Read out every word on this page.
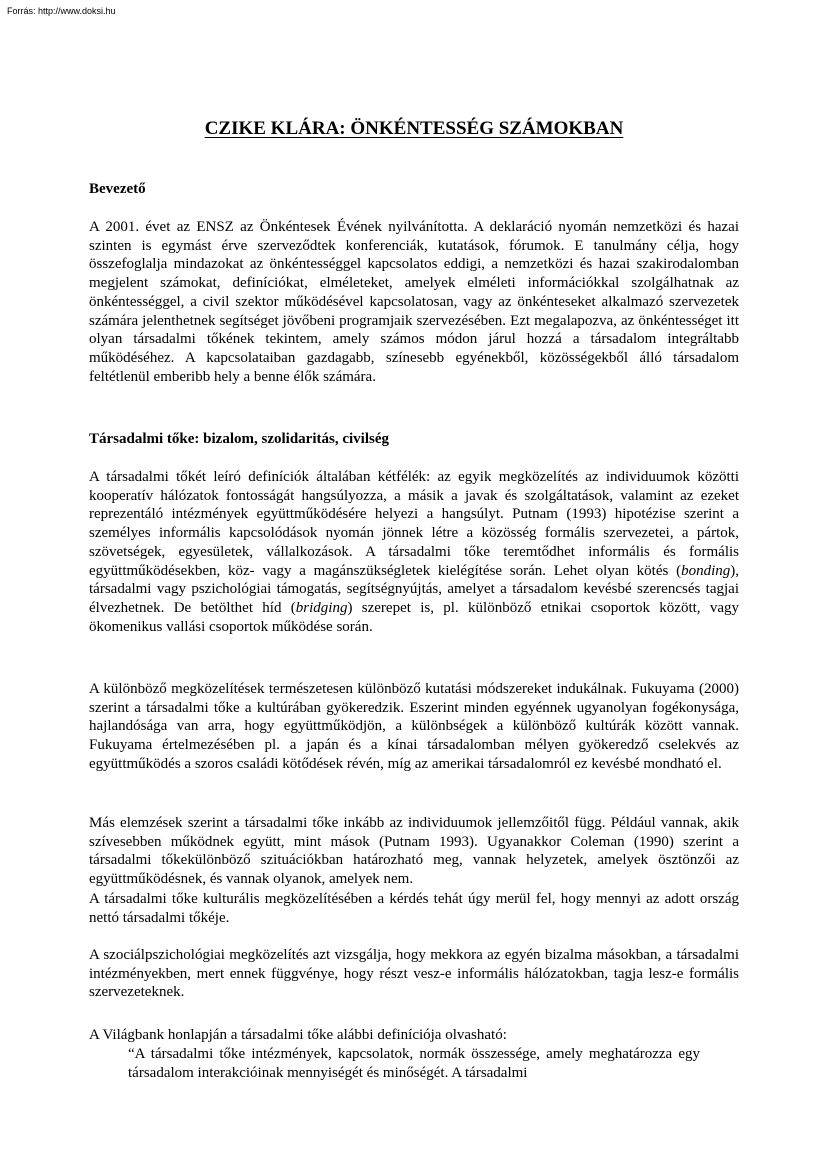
Forrás: http://www.doksi.hu
CZIKE KLÁRA: ÖNKÉNTESSÉG SZÁMOKBAN
Bevezető
A 2001. évet az ENSZ az Önkéntesek Évének nyilvánította. A deklaráció nyomán nemzetközi és hazai szinten is egymást érve szerveződtek konferenciák, kutatások, fórumok. E tanulmány célja, hogy összefoglalja mindazokat az önkéntességgel kapcsolatos eddigi, a nemzetközi és hazai szakirodalomban megjelent számokat, definíciókat, elméleteket, amelyek elméleti információkkal szolgálhatnak az önkéntességgel, a civil szektor működésével kapcsolatosan, vagy az önkénteseket alkalmazó szervezetek számára jelenthetnek segítséget jövőbeni programjaik szervezésében. Ezt megalapozva, az önkéntességet itt olyan társadalmi tőkének tekintem, amely számos módon járul hozzá a társadalom integráltabb működéséhez. A kapcsolataiban gazdagabb, színesebb egyénekből, közösségekből álló társadalom feltétlenül emberibb hely a benne élők számára.
Társadalmi tőke: bizalom, szolidaritás, civilség
A társadalmi tőkét leíró definíciók általában kétfélék: az egyik megközelítés az individuumok közötti kooperatív hálózatok fontosságát hangsúlyozza, a másik a javak és szolgáltatások, valamint az ezeket reprezentáló intézmények együttműködésére helyezi a hangsúlyt. Putnam (1993) hipotézise szerint a személyes informális kapcsolódások nyomán jönnek létre a közösség formális szervezetei, a pártok, szövetségek, egyesületek, vállalkozások. A társadalmi tőke teremtődhet informális és formális együttműködésekben, köz- vagy a magánszükségletek kielégítése során. Lehet olyan kötés (bonding), társadalmi vagy pszichológiai támogatás, segítségnyújtás, amelyet a társadalom kevésbé szerencsés tagjai élvezhetnek. De betölthet híd (bridging) szerepet is, pl. különböző etnikai csoportok között, vagy ökomenikus vallási csoportok működése során.
A különböző megközelítések természetesen különböző kutatási módszereket indukálnak. Fukuyama (2000) szerint a társadalmi tőke a kultúrában gyökeredzik. Eszerint minden egyénnek ugyanolyan fogékonysága, hajlandósága van arra, hogy együttműködjön, a különbségek a különböző kultúrák között vannak. Fukuyama értelmezésében pl. a japán és a kínai társadalomban mélyen gyökeredző cselekvés az együttműködés a szoros családi kötődések révén, míg az amerikai társadalomról ez kevésbé mondható el.
Más elemzések szerint a társadalmi tőke inkább az individuumok jellemzőitől függ. Például vannak, akik szívesebben működnek együtt, mint mások (Putnam 1993). Ugyanakkor Coleman (1990) szerint a társadalmi tőkekülönböző szituációkban határozható meg, vannak helyzetek, amelyek ösztönzői az együttműködésnek, és vannak olyanok, amelyek nem.
A társadalmi tőke kulturális megközelítésében a kérdés tehát úgy merül fel, hogy mennyi az adott ország nettó társadalmi tőkéje.
A szociálpszichológiai megközelítés azt vizsgálja, hogy mekkora az egyén bizalma másokban, a társadalmi intézményekben, mert ennek függvénye, hogy részt vesz-e informális hálózatokban, tagja lesz-e formális szervezeteknek.
A Világbank honlapján a társadalmi tőke alábbi definíciója olvasható:
“A társadalmi tőke intézmények, kapcsolatok, normák összessége, amely meghatározza egy társadalom interakcióinak mennyiségét és minőségét. A társadalmi
